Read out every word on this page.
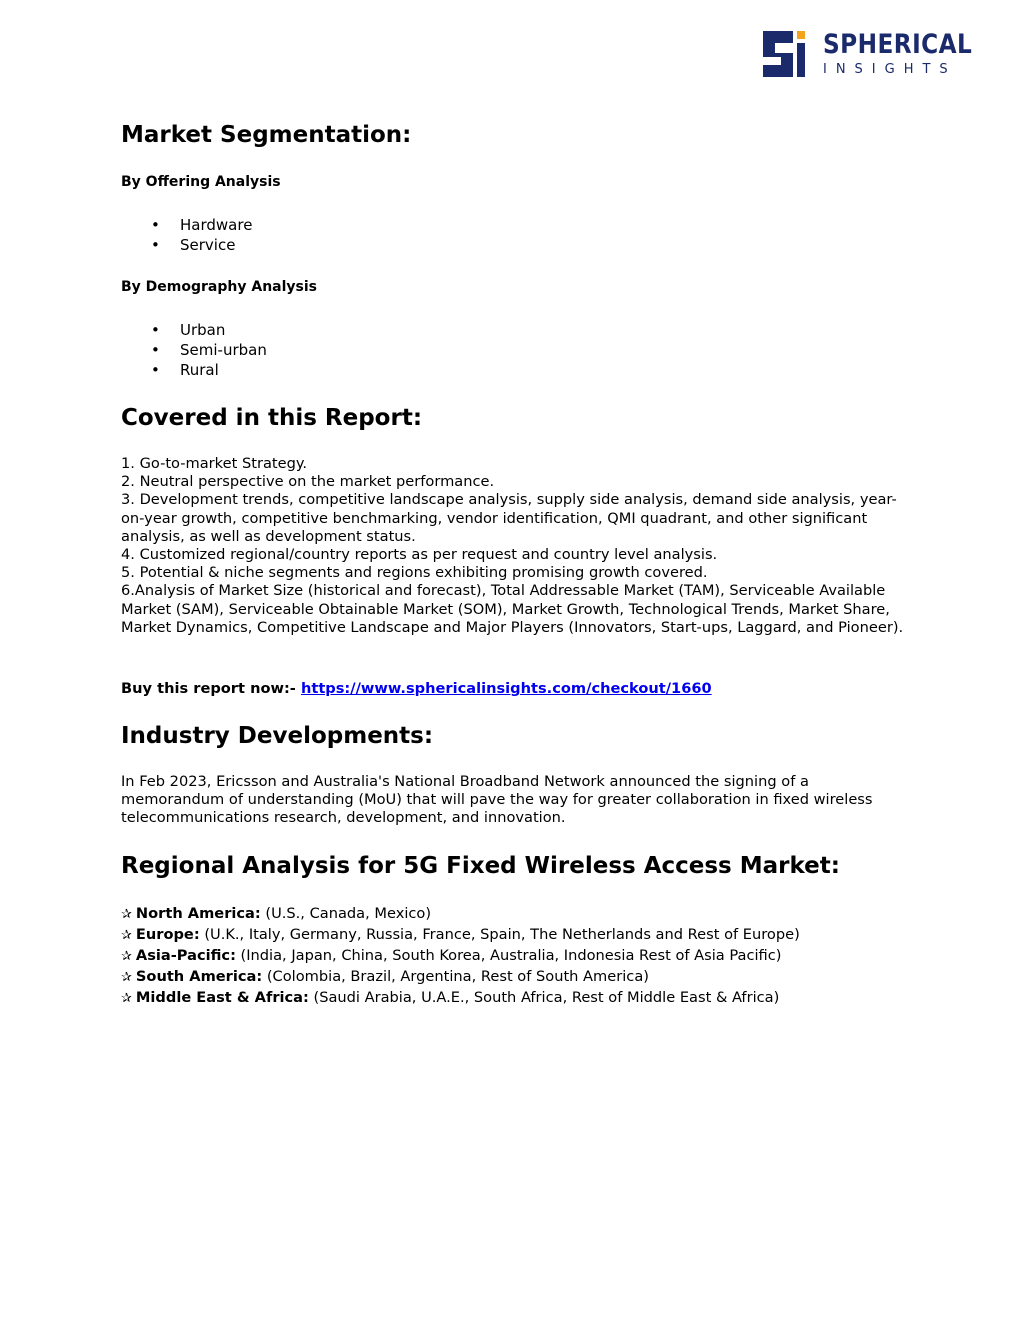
SPHERICAL
INSIGHTS
Market Segmentation:

By Offering Analysis

• Hardware
• Service

By Demography Analysis

• Urban
• Semi-urban
• Rural
Covered in this Report:
1. Go-to-market Strategy.
2. Neutral perspective on the market performance.
3. Development trends, competitive landscape analysis, supply side analysis, demand side analysis, year-on-year growth, competitive benchmarking, vendor identification, QMI quadrant, and other significant analysis, as well as development status.
4. Customized regional/country reports as per request and country level analysis.
5. Potential & niche segments and regions exhibiting promising growth covered.
6.Analysis of Market Size (historical and forecast), Total Addressable Market (TAM), Serviceable Available Market (SAM), Serviceable Obtainable Market (SOM), Market Growth, Technological Trends, Market Share, Market Dynamics, Competitive Landscape and Major Players (Innovators, Start-ups, Laggard, and Pioneer).

Buy this report now:- https://www.sphericalinsights.com/checkout/1660

Industry Developments:

In Feb 2023, Ericsson and Australia's National Broadband Network announced the signing of a memorandum of understanding (MoU) that will pave the way for greater collaboration in fixed wireless telecommunications research, development, and innovation.

Regional Analysis for 5G Fixed Wireless Access Market:
✰ North America: (U.S., Canada, Mexico)
✰ Europe: (U.K., Italy, Germany, Russia, France, Spain, The Netherlands and Rest of Europe)
✰ Asia-Pacific: (India, Japan, China, South Korea, Australia, Indonesia Rest of Asia Pacific)
✰ South America: (Colombia, Brazil, Argentina, Rest of South America)
✰ Middle East & Africa: (Saudi Arabia, U.A.E., South Africa, Rest of Middle East & Africa)
